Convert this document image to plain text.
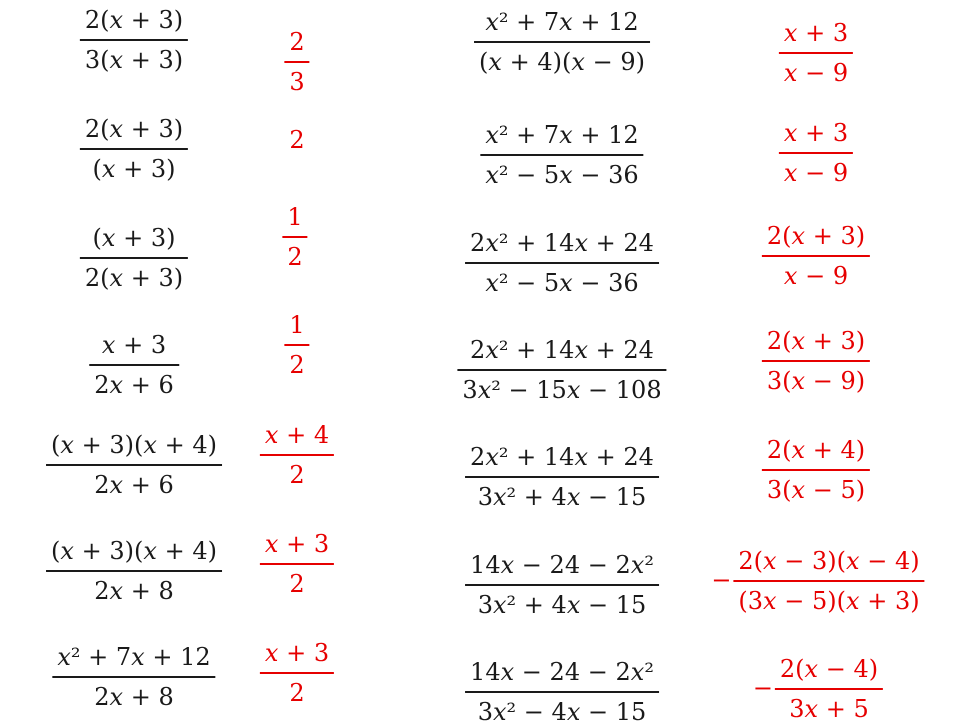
2(x + 3)
3(x + 3)
2(x + 3)
(x + 3)
(x + 3)
2(x + 3)
x + 3
2x + 6
(x + 3)(x + 4)
2x + 6
(x + 3)(x + 4)
2x + 8
x² + 7x + 12
2x + 8
2
3
2
1
2
1
2
x + 4
2
x + 3
2
x + 3
2
x² + 7x + 12
(x + 4)(x − 9)
x² + 7x + 12
x² − 5x − 36
2x² + 14x + 24
x² − 5x − 36
2x² + 14x + 24
3x² − 15x − 108
2x² + 14x + 24
3x² + 4x − 15
14x − 24 − 2x²
3x² + 4x − 15
14x − 24 − 2x²
3x² − 4x − 15
x + 3
x − 9
x + 3
x − 9
2(x + 3)
x − 9
2(x + 3)
3(x − 9)
2(x + 4)
3(x − 5)
−
2(x − 3)(x − 4)
(3x − 5)(x + 3)
−
2(x − 4)
3x + 5
